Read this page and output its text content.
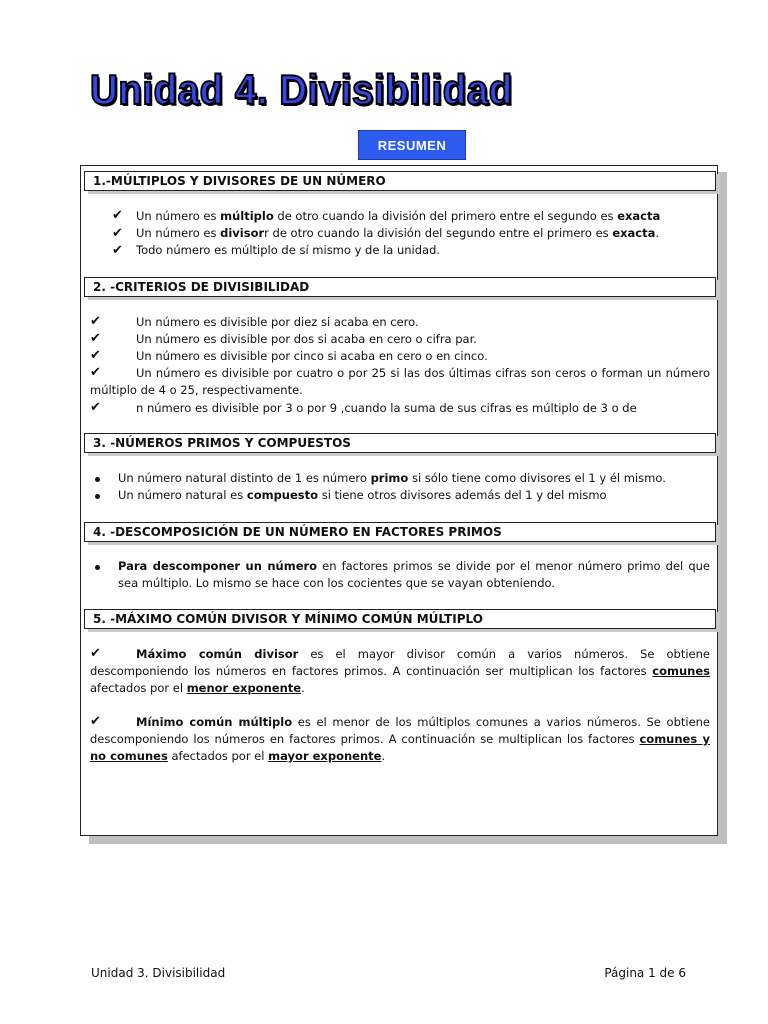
Unidad 4. Divisibilidad
RESUMEN
1.-MÚLTIPLOS Y DIVISORES DE UN NÚMERO
✔ Un número es múltiplo de otro cuando la división del primero entre el segundo es exacta
✔ Un número es divisorr de otro cuando la división del segundo entre el primero es exacta.
✔ Todo número es múltiplo de sí mismo y de la unidad.
2. -CRITERIOS DE DIVISIBILIDAD
✔	Un número es divisible por diez si acaba en cero.
✔	Un número es divisible por dos si acaba en cero o cifra par.
✔	Un número es divisible por cinco si acaba en cero o en cinco.
✔	Un número es divisible por cuatro o por 25 si las dos últimas cifras son ceros o forman un número múltiplo de 4 o 25, respectivamente.
✔	n número es divisible por 3 o por 9 ,cuando la suma de sus cifras es múltiplo de 3 o de
3. -NÚMEROS PRIMOS Y COMPUESTOS
Un número natural distinto de 1 es número primo si sólo tiene como divisores el 1 y él mismo.
Un número natural es compuesto si tiene otros divisores además del 1 y del mismo
4. -DESCOMPOSICIÓN DE UN NÚMERO EN FACTORES PRIMOS
Para descomponer un número en factores primos se divide por el menor número primo del que sea múltiplo. Lo mismo se hace con los cocientes que se vayan obteniendo.
5. -MÁXIMO COMÚN DIVISOR Y MÍNIMO COMÚN MÚLTIPLO
✔	Máximo común divisor es el mayor divisor común a varios números. Se obtiene descomponiendo los números en factores primos. A continuación ser multiplican los factores comunes afectados por el menor exponente.
✔	Mínimo común múltiplo es el menor de los múltiplos comunes a varios números. Se obtiene descomponiendo los números en factores primos. A continuación se multiplican los factores comunes y no comunes afectados por el mayor exponente.
Unidad 3. Divisibilidad	Página 1 de 6
